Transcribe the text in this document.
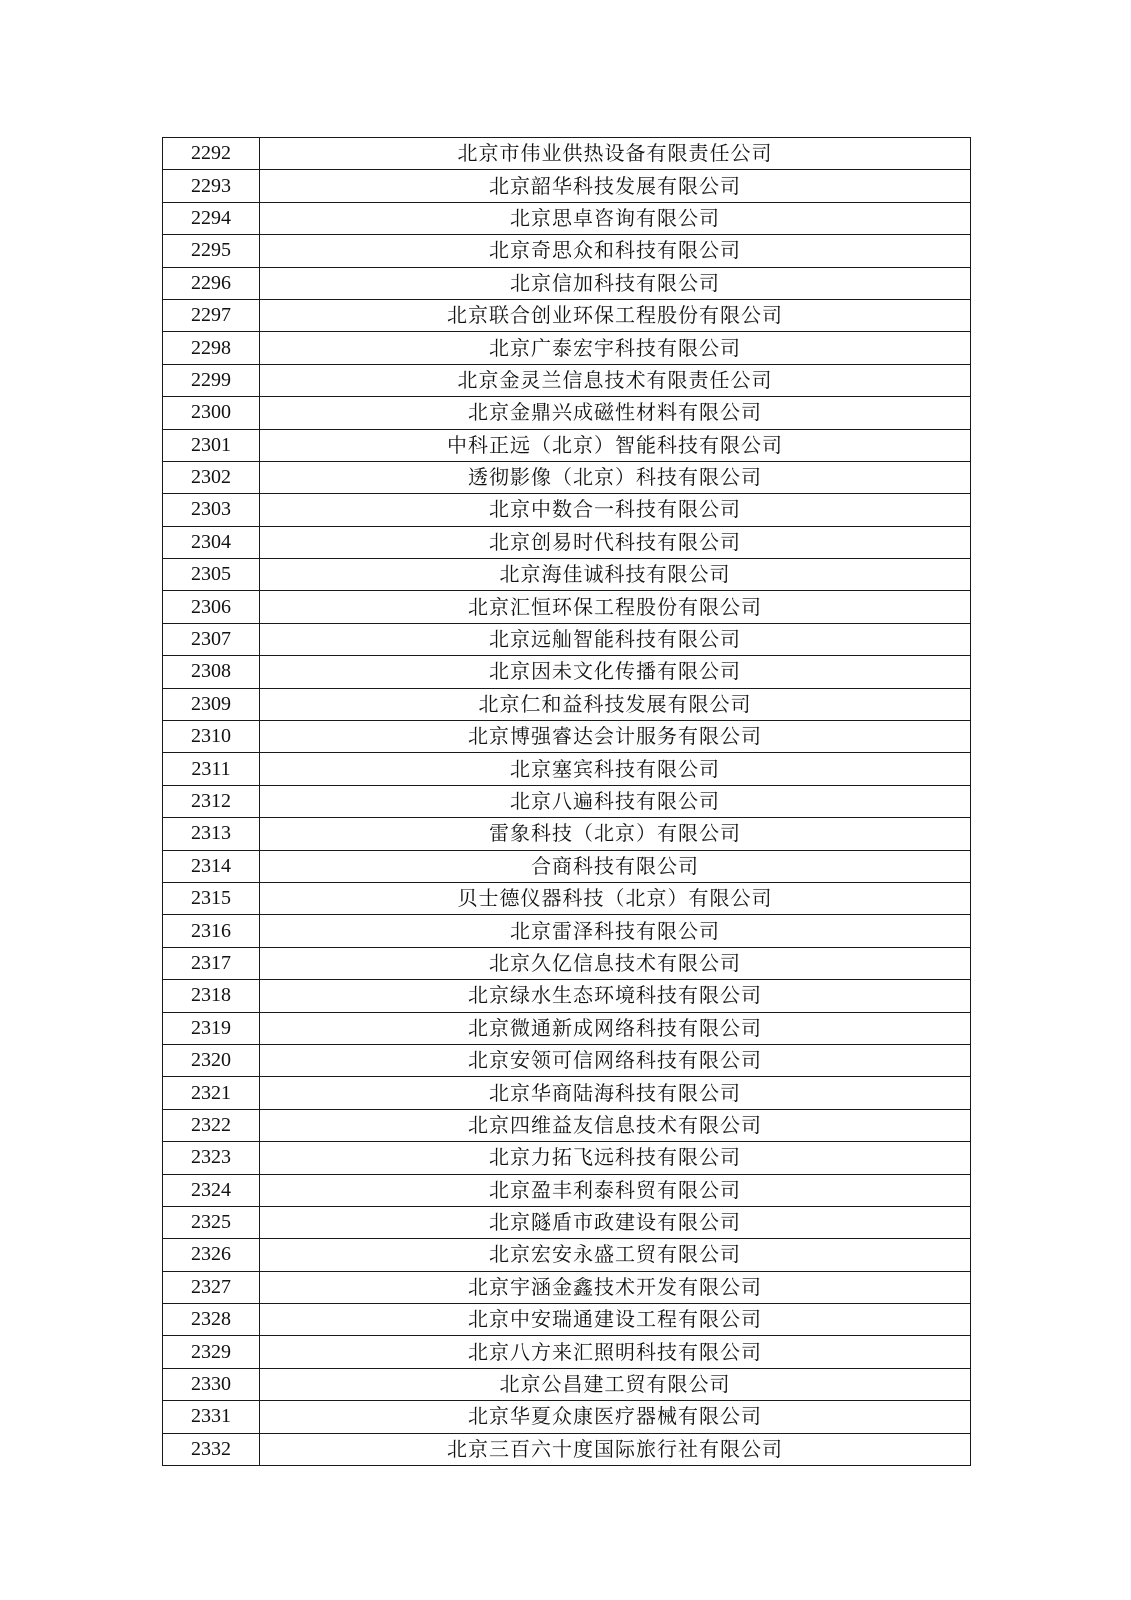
2292	北京市伟业供热设备有限责任公司
2293	北京韶华科技发展有限公司
2294	北京思卓咨询有限公司
2295	北京奇思众和科技有限公司
2296	北京信加科技有限公司
2297	北京联合创业环保工程股份有限公司
2298	北京广泰宏宇科技有限公司
2299	北京金灵兰信息技术有限责任公司
2300	北京金鼎兴成磁性材料有限公司
2301	中科正远（北京）智能科技有限公司
2302	透彻影像（北京）科技有限公司
2303	北京中数合一科技有限公司
2304	北京创易时代科技有限公司
2305	北京海佳诚科技有限公司
2306	北京汇恒环保工程股份有限公司
2307	北京远舢智能科技有限公司
2308	北京因未文化传播有限公司
2309	北京仁和益科技发展有限公司
2310	北京博强睿达会计服务有限公司
2311	北京塞宾科技有限公司
2312	北京八遍科技有限公司
2313	雷象科技（北京）有限公司
2314	合商科技有限公司
2315	贝士德仪器科技（北京）有限公司
2316	北京雷泽科技有限公司
2317	北京久亿信息技术有限公司
2318	北京绿水生态环境科技有限公司
2319	北京微通新成网络科技有限公司
2320	北京安领可信网络科技有限公司
2321	北京华商陆海科技有限公司
2322	北京四维益友信息技术有限公司
2323	北京力拓飞远科技有限公司
2324	北京盈丰利泰科贸有限公司
2325	北京隧盾市政建设有限公司
2326	北京宏安永盛工贸有限公司
2327	北京宇涵金鑫技术开发有限公司
2328	北京中安瑞通建设工程有限公司
2329	北京八方来汇照明科技有限公司
2330	北京公昌建工贸有限公司
2331	北京华夏众康医疗器械有限公司
2332	北京三百六十度国际旅行社有限公司
